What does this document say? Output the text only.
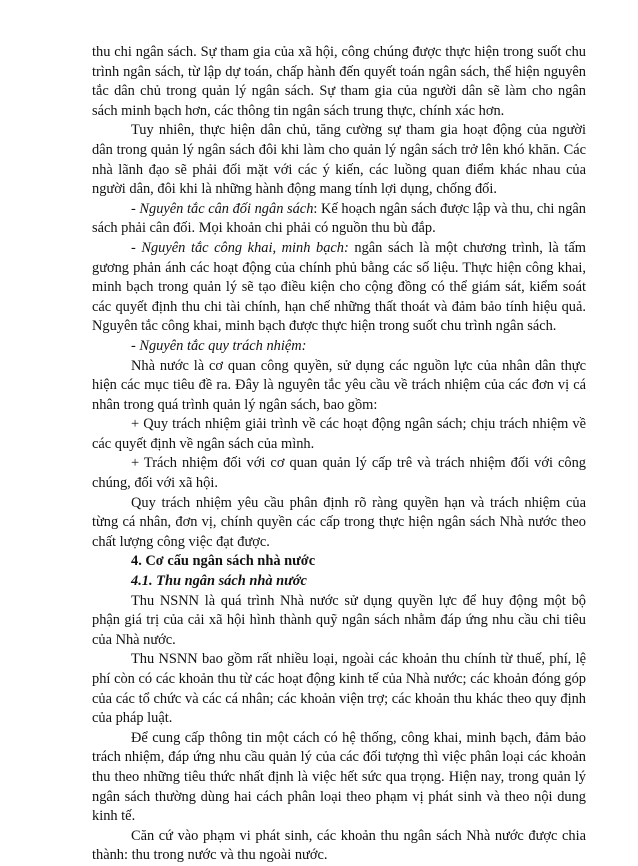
thu chi ngân sách. Sự tham gia của xã hội, công chúng được thực hiện trong suốt chu trình ngân sách, từ lập dự toán, chấp hành đến quyết toán ngân sách, thể hiện nguyên tắc dân chủ trong quản lý ngân sách. Sự tham gia của người dân sẽ làm cho ngân sách minh bạch hơn, các thông tin ngân sách trung thực, chính xác hơn.

Tuy nhiên, thực hiện dân chủ, tăng cường sự tham gia hoạt động của người dân trong quản lý ngân sách đôi khi làm cho quản lý ngân sách trở lên khó khăn. Các nhà lãnh đạo sẽ phải đối mặt với các ý kiến, các luồng quan điểm khác nhau của người dân, đôi khi là những hành động mang tính lợi dụng, chống đối.

- Nguyên tắc cân đối ngân sách: Kế hoạch ngân sách được lập và thu, chi ngân sách phải cân đối. Mọi khoản chi phải có nguồn thu bù đắp.

- Nguyên tắc công khai, minh bạch: ngân sách là một chương trình, là tấm gương phản ánh các hoạt động của chính phủ bằng các số liệu. Thực hiện công khai, minh bạch trong quản lý sẽ tạo điều kiện cho cộng đồng có thể giám sát, kiểm soát các quyết định thu chi tài chính, hạn chế những thất thoát và đảm bảo tính hiệu quả. Nguyên tắc công khai, minh bạch được thực hiện trong suốt chu trình ngân sách.

- Nguyên tắc quy trách nhiệm:

Nhà nước là cơ quan công quyền, sử dụng các nguồn lực của nhân dân thực hiện các mục tiêu đề ra. Đây là nguyên tắc yêu cầu về trách nhiệm của các đơn vị cá nhân trong quá trình quản lý ngân sách, bao gồm:

+ Quy trách nhiệm giải trình về các hoạt động ngân sách; chịu trách nhiệm về các quyết định về ngân sách của mình.

+ Trách nhiệm đối với cơ quan quản lý cấp trê và trách nhiệm đối với công chúng, đối với xã hội.

Quy trách nhiệm yêu cầu phân định rõ ràng quyền hạn và trách nhiệm của từng cá nhân, đơn vị, chính quyền các cấp trong thực hiện ngân sách Nhà nước theo chất lượng công việc đạt được.

4. Cơ cấu ngân sách nhà nước

4.1. Thu ngân sách nhà nước

Thu NSNN là quá trình Nhà nước sử dụng quyền lực để huy động một bộ phận giá trị của cải xã hội hình thành quỹ ngân sách nhằm đáp ứng nhu cầu chi tiêu của Nhà nước.

Thu NSNN bao gồm rất nhiều loại, ngoài các khoản thu chính từ thuế, phí, lệ phí còn có các khoản thu từ các hoạt động kinh tế của Nhà nước; các khoản đóng góp của các tổ chức và các cá nhân; các khoản viện trợ; các khoản thu khác theo quy định của pháp luật.

Để cung cấp thông tin một cách có hệ thống, công khai, minh bạch, đảm bảo trách nhiệm, đáp ứng nhu cầu quản lý của các đối tượng thì việc phân loại các khoản thu theo những tiêu thức nhất định là việc hết sức qua trọng. Hiện nay, trong quản lý ngân sách thường dùng hai cách phân loại theo phạm vị phát sinh và theo nội dung kinh tế.

Căn cứ vào phạm vi phát sinh, các khoản thu ngân sách Nhà nước được chia thành: thu trong nước và thu ngoài nước.
